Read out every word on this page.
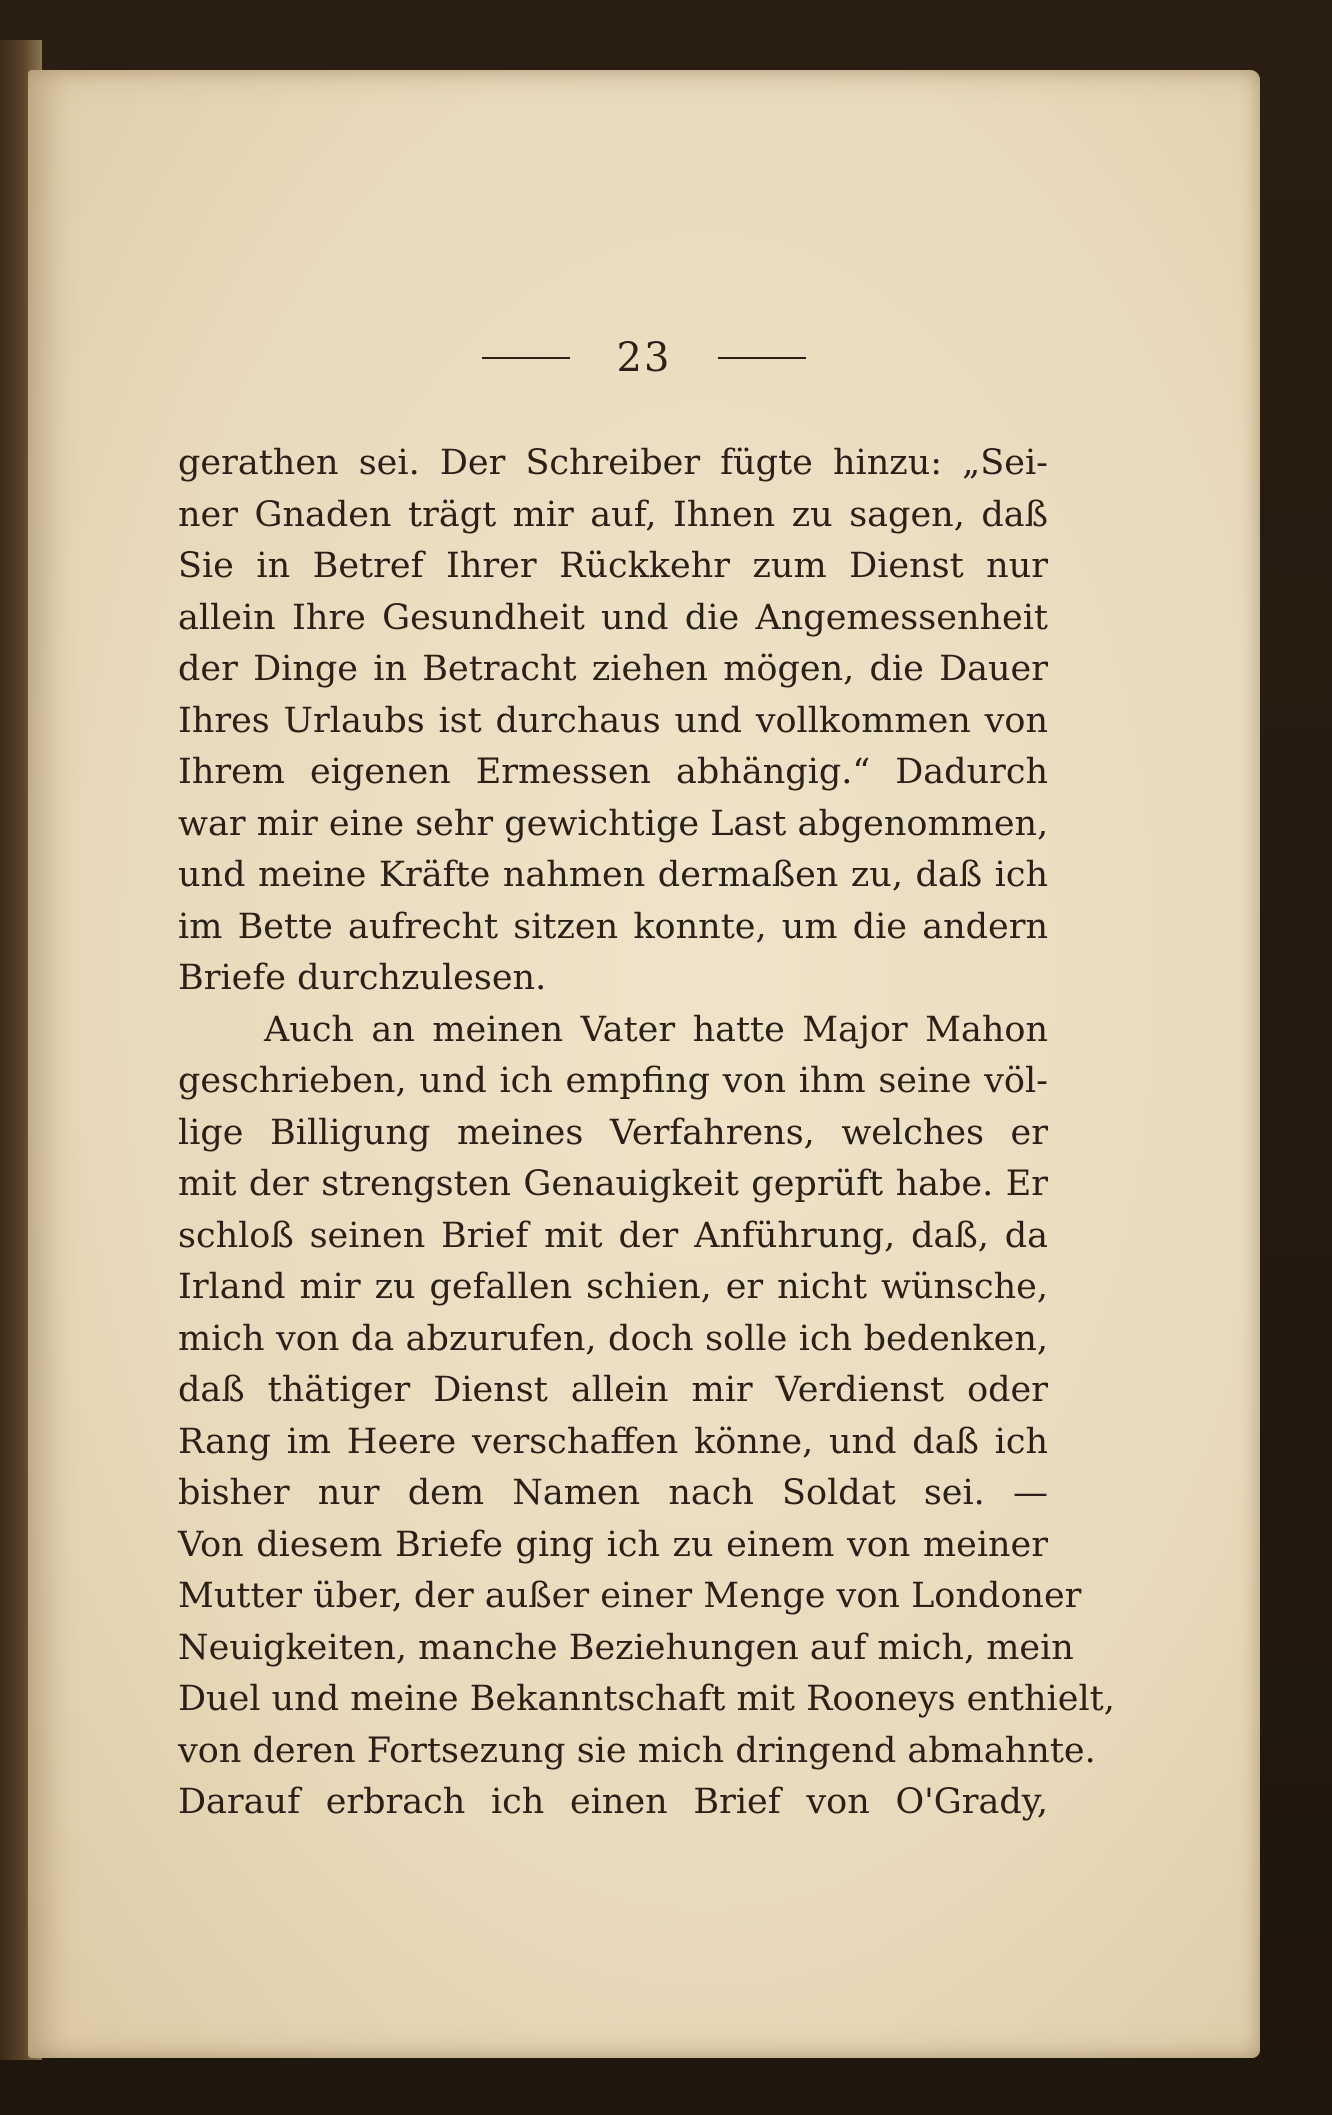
23
gerathen sei. Der Schreiber fügte hinzu: „Sei-
ner Gnaden trägt mir auf, Ihnen zu sagen, daß
Sie in Betref Ihrer Rückkehr zum Dienst nur
allein Ihre Gesundheit und die Angemessenheit
der Dinge in Betracht ziehen mögen, die Dauer
Ihres Urlaubs ist durchaus und vollkommen von
Ihrem eigenen Ermessen abhängig.“ Dadurch
war mir eine sehr gewichtige Last abgenommen,
und meine Kräfte nahmen dermaßen zu, daß ich
im Bette aufrecht sitzen konnte, um die andern
Briefe durchzulesen.
Auch an meinen Vater hatte Major Mahon
geschrieben, und ich empfing von ihm seine völ-
lige Billigung meines Verfahrens, welches er
mit der strengsten Genauigkeit geprüft habe. Er
schloß seinen Brief mit der Anführung, daß, da
Irland mir zu gefallen schien, er nicht wünsche,
mich von da abzurufen, doch solle ich bedenken,
daß thätiger Dienst allein mir Verdienst oder
Rang im Heere verschaffen könne, und daß ich
bisher nur dem Namen nach Soldat sei. —
Von diesem Briefe ging ich zu einem von meiner
Mutter über, der außer einer Menge von Londoner
Neuigkeiten, manche Beziehungen auf mich, mein
Duel und meine Bekanntschaft mit Rooneys enthielt,
von deren Fortsezung sie mich dringend abmahnte.
Darauf erbrach ich einen Brief von O'Grady,
